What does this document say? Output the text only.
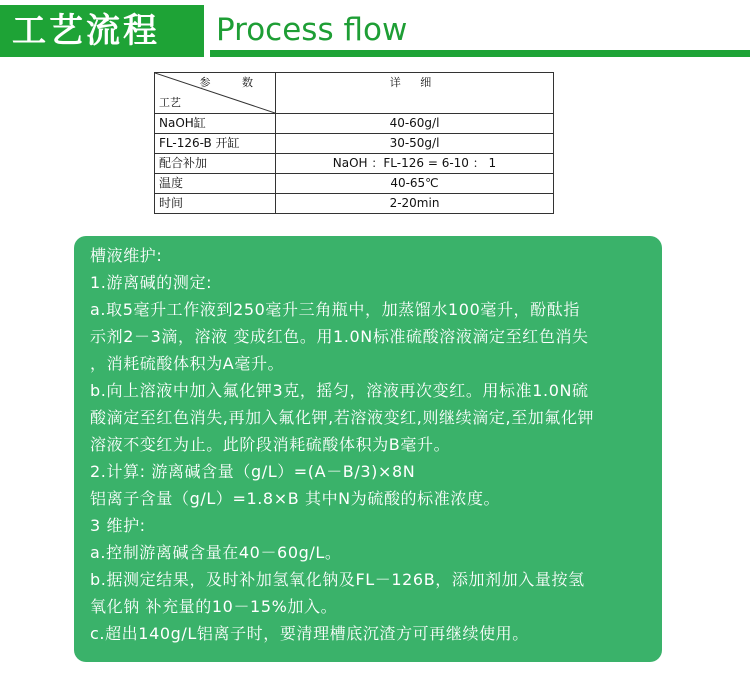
工艺流程 Process flow
参 数
工艺	详 细
NaOH缸	40-60g/l
FL-126-B 开缸	30-50g/l
配合补加	NaOH ：FL-126 = 6-10 ： 1
温度	40-65℃
时间	2-20min
槽液维护:
1.游离碱的测定:
a.取5毫升工作液到250毫升三角瓶中，加蒸馏水100毫升，酚酞指
示剂2－3滴，溶液 变成红色。用1.0N标准硫酸溶液滴定至红色消失
，消耗硫酸体积为A毫升。
b.向上溶液中加入氟化钾3克，摇匀，溶液再次变红。用标准1.0N硫
酸滴定至红色消失,再加入氟化钾,若溶液变红,则继续滴定,至加氟化钾
溶液不变红为止。此阶段消耗硫酸体积为B毫升。
2.计算: 游离碱含量（g/L）=(A－B/3)×8N
铝离子含量（g/L）=1.8×B 其中N为硫酸的标准浓度。
3 维护:
a.控制游离碱含量在40－60g/L。
b.据测定结果，及时补加氢氧化钠及FL－126B，添加剂加入量按氢
氧化钠 补充量的10－15%加入。
c.超出140g/L铝离子时，要清理槽底沉渣方可再继续使用。
